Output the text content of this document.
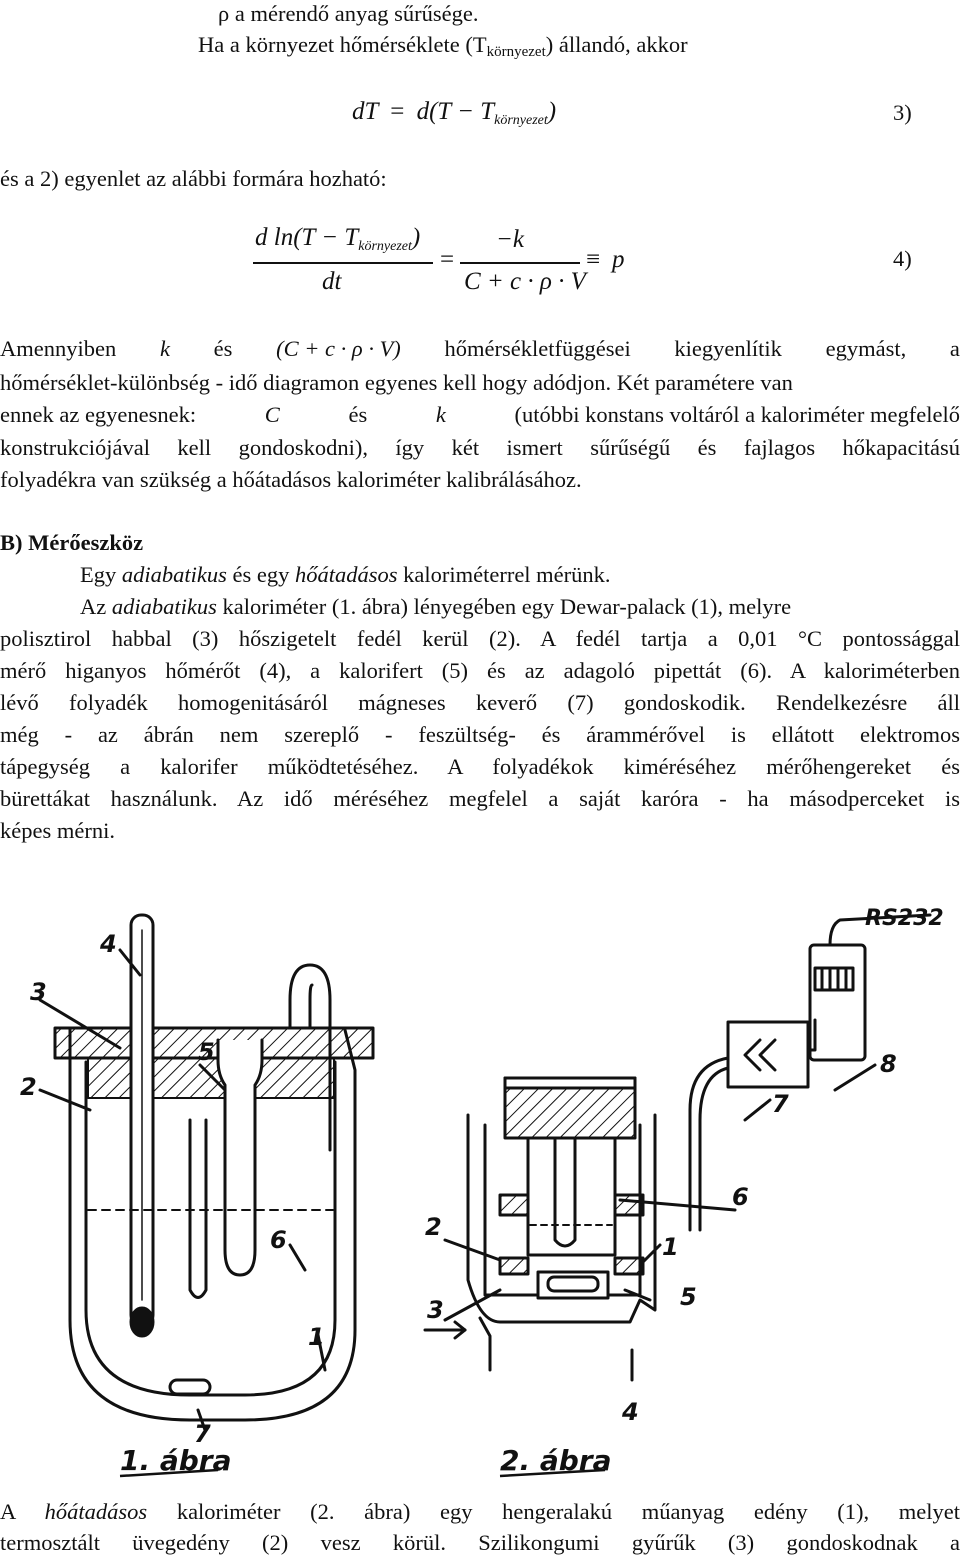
ρ a mérendő anyag sűrűsége.
Ha a környezet hőmérséklete (Tkörnyezet) állandó, akkor
dT = $d(T - T_{környezet})$	3)
és a 2) egyenlet az alábbi formára hozható:
d $\ln(T - T_{környezet})$
dt
=
−k
C + c · ρ · V
≡ p	4)
Amennyiben k és (C + c · ρ · V) hőmérsékletfüggései kiegyenlítik egymást, a
hőmérséklet-különbség - idő diagramon egyenes kell hogy adódjon. Két paramétere van
ennek az egyenesnek:	C	és	k	(utóbbi konstans voltáról a kaloriméter megfelelő
konstrukciójával kell gondoskodni), így két ismert sűrűségű és fajlagos hőkapacitású
folyadékra van szükség a hőátadásos kaloriméter kalibrálásához.
B) Mérőeszköz
Egy adiabatikus és egy hőátadásos kaloriméterrel mérünk.
Az adiabatikus kaloriméter (1. ábra) lényegében egy Dewar-palack (1), melyre
polisztirol habbal (3) hőszigetelt fedél kerül (2). A fedél tartja a 0,01 °C pontossággal
mérő higanyos hőmérőt (4), a kalorifert (5) és az adagoló pipettát (6). A kaloriméterben
lévő folyadék homogenitásáról mágneses keverő (7) gondoskodik. Rendelkezésre áll
még - az ábrán nem szereplő - feszültség- és árammérővel is ellátott elektromos
tápegység a kalorifer működtetéséhez. A folyadékok kiméréséhez mérőhengereket és
bürettákat használunk. Az idő méréséhez megfelel a saját karóra - ha másodperceket is
képes mérni.
4
5
3
2
6
1
7
8
7
6
2
5
3
1
4
RS232
1. ábra	2. ábra
A hőátadásos kaloriméter (2. ábra) egy hengeralakú műanyag edény (1), melyet
termosztált üvegedény (2) vesz körül. Szilikongumi gyűrűk (3) gondoskodnak a
